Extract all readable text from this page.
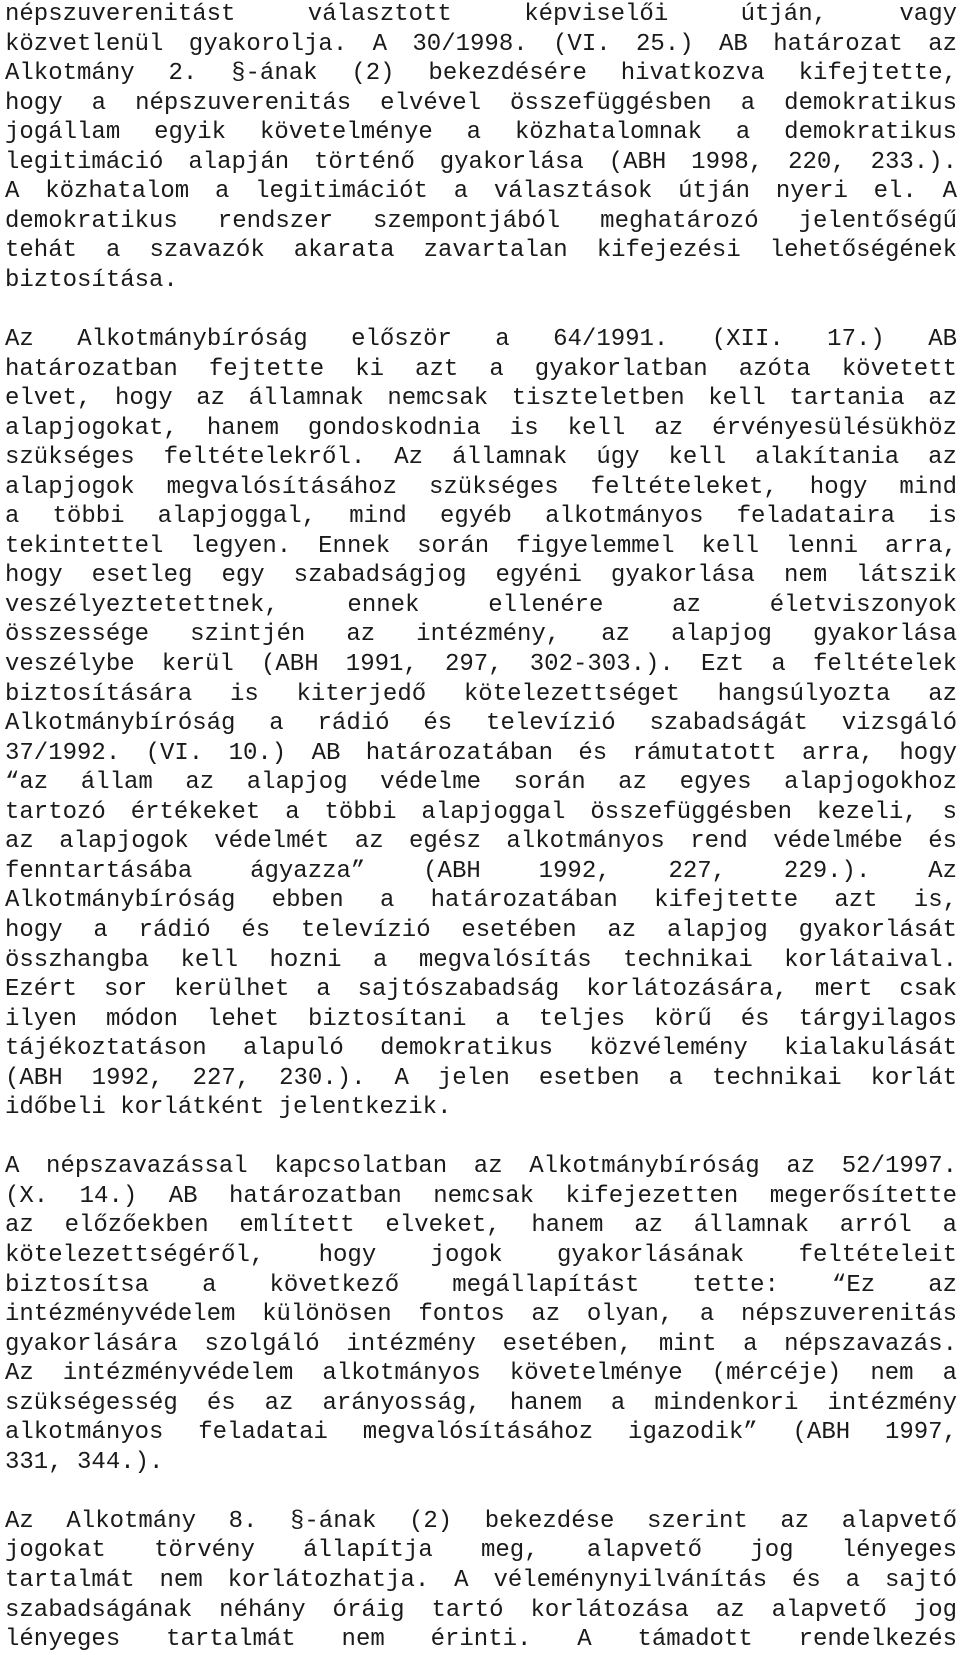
népszuverenitást választott képviselői útján, vagy
közvetlenül gyakorolja. A 30/1998. (VI. 25.) AB határozat az
Alkotmány 2. §-ának (2) bekezdésére hivatkozva kifejtette,
hogy a népszuverenitás elvével összefüggésben a demokratikus
jogállam egyik követelménye a közhatalomnak a demokratikus
legitimáció alapján történő gyakorlása (ABH 1998, 220, 233.).
A közhatalom a legitimációt a választások útján nyeri el. A
demokratikus rendszer szempontjából meghatározó jelentőségű
tehát a szavazók akarata zavartalan kifejezési lehetőségének
biztosítása.
Az Alkotmánybíróság először a 64/1991. (XII. 17.) AB
határozatban fejtette ki azt a gyakorlatban azóta követett
elvet, hogy az államnak nemcsak tiszteletben kell tartania az
alapjogokat, hanem gondoskodnia is kell az érvényesülésükhöz
szükséges feltételekről. Az államnak úgy kell alakítania az
alapjogok megvalósításához szükséges feltételeket, hogy mind
a többi alapjoggal, mind egyéb alkotmányos feladataira is
tekintettel legyen. Ennek során figyelemmel kell lenni arra,
hogy esetleg egy szabadságjog egyéni gyakorlása nem látszik
veszélyeztetettnek, ennek ellenére az életviszonyok
összessége szintjén az intézmény, az alapjog gyakorlása
veszélybe kerül (ABH 1991, 297, 302-303.). Ezt a feltételek
biztosítására is kiterjedő kötelezettséget hangsúlyozta az
Alkotmánybíróság a rádió és televízió szabadságát vizsgáló
37/1992. (VI. 10.) AB határozatában és rámutatott arra, hogy
“az állam az alapjog védelme során az egyes alapjogokhoz
tartozó értékeket a többi alapjoggal összefüggésben kezeli, s
az alapjogok védelmét az egész alkotmányos rend védelmébe és
fenntartásába ágyazza” (ABH 1992, 227, 229.). Az
Alkotmánybíróság ebben a határozatában kifejtette azt is,
hogy a rádió és televízió esetében az alapjog gyakorlását
összhangba kell hozni a megvalósítás technikai korlátaival.
Ezért sor kerülhet a sajtószabadság korlátozására, mert csak
ilyen módon lehet biztosítani a teljes körű és tárgyilagos
tájékoztatáson alapuló demokratikus közvélemény kialakulását
(ABH 1992, 227, 230.). A jelen esetben a technikai korlát
időbeli korlátként jelentkezik.
A népszavazással kapcsolatban az Alkotmánybíróság az 52/1997.
(X. 14.) AB határozatban nemcsak kifejezetten megerősítette
az előzőekben említett elveket, hanem az államnak arról a
kötelezettségéről, hogy jogok gyakorlásának feltételeit
biztosítsa a következő megállapítást tette: “Ez az
intézményvédelem különösen fontos az olyan, a népszuverenitás
gyakorlására szolgáló intézmény esetében, mint a népszavazás.
Az intézményvédelem alkotmányos követelménye (mércéje) nem a
szükségesség és az arányosság, hanem a mindenkori intézmény
alkotmányos feladatai megvalósításához igazodik” (ABH 1997,
331, 344.).
Az Alkotmány 8. §-ának (2) bekezdése szerint az alapvető
jogokat törvény állapítja meg, alapvető jog lényeges
tartalmát nem korlátozhatja. A véleménynyilvánítás és a sajtó
szabadságának néhány óráig tartó korlátozása az alapvető jog
lényeges tartalmát nem érinti. A támadott rendelkezés
